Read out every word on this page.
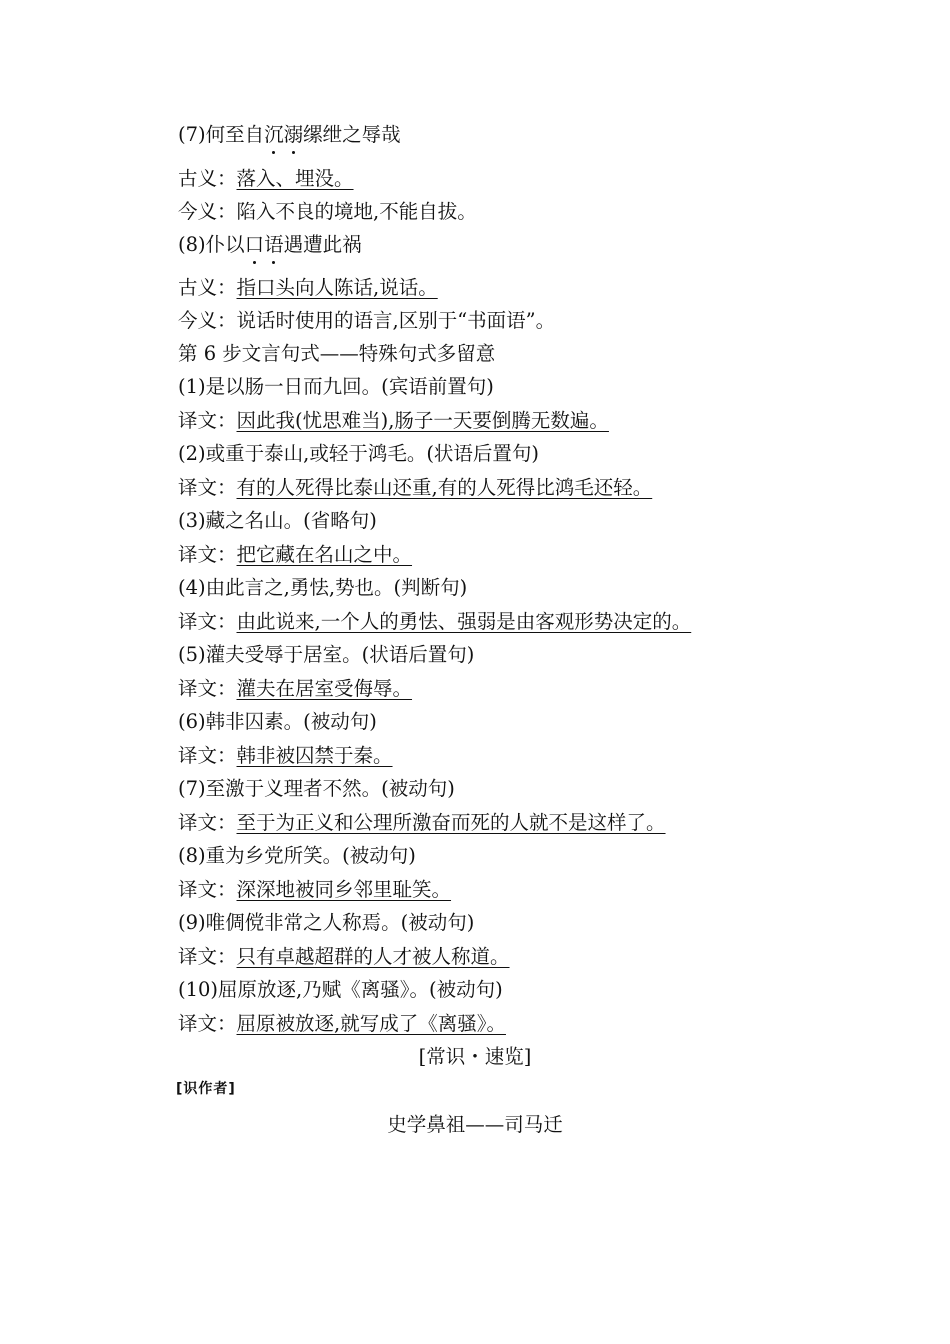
(7)何至自沉溺缧绁之辱哉
古义：落入、埋没。
今义：陷入不良的境地,不能自拔。
(8)仆以口语遇遭此祸
古义：指口头向人陈话,说话。
今义：说话时使用的语言,区别于“书面语”。
第 6 步文言句式——特殊句式多留意
(1)是以肠一日而九回。(宾语前置句)
译文：因此我(忧思难当),肠子一天要倒腾无数遍。
(2)或重于泰山,或轻于鸿毛。(状语后置句)
译文：有的人死得比泰山还重,有的人死得比鸿毛还轻。
(3)藏之名山。(省略句)
译文：把它藏在名山之中。
(4)由此言之,勇怯,势也。(判断句)
译文：由此说来,一个人的勇怯、强弱是由客观形势决定的。
(5)灌夫受辱于居室。(状语后置句)
译文：灌夫在居室受侮辱。
(6)韩非囚素。(被动句)
译文：韩非被囚禁于秦。
(7)至激于义理者不然。(被动句)
译文：至于为正义和公理所激奋而死的人就不是这样了。
(8)重为乡党所笑。(被动句)
译文：深深地被同乡邻里耻笑。
(9)唯倜傥非常之人称焉。(被动句)
译文：只有卓越超群的人才被人称道。
(10)屈原放逐,乃赋《离骚》。(被动句)
译文：屈原被放逐,就写成了《离骚》。
[常识・速览]
[识作者]
史学鼻祖——司马迁
